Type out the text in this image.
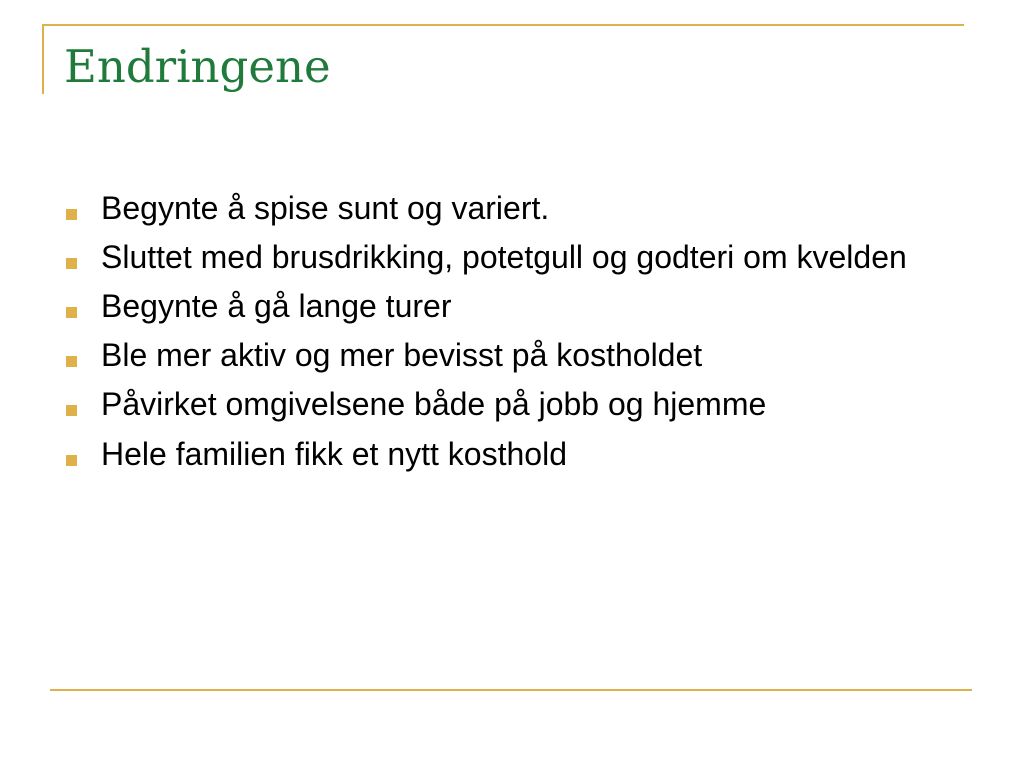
Endringene
Begynte å spise sunt og variert.
Sluttet med brusdrikking, potetgull og godteri om kvelden
Begynte å gå lange turer
Ble mer aktiv og mer bevisst på kostholdet
Påvirket omgivelsene både på jobb og hjemme
Hele familien fikk et nytt kosthold
